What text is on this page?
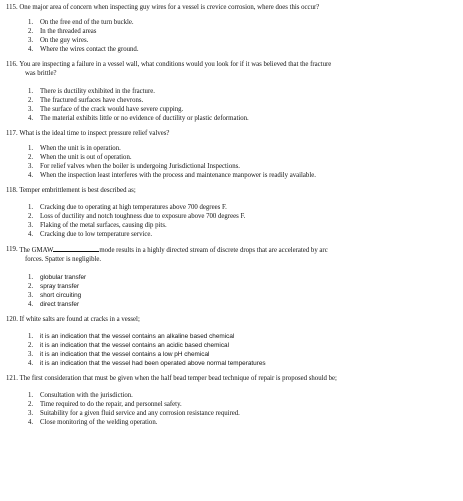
115.
One major area of concern when inspecting guy wires for a vessel is crevice corrosion, where does this occur?
1.	On the free end of the turn buckle.
2.	In the threaded areas
3.	On the guy wires.
4.	Where the wires contact the ground.
116.
You are inspecting a failure in a vessel wall, what conditions would you look for if it was believed that the fracture
was brittle?
1.	There is ductility exhibited in the fracture.
2.	The fractured surfaces have chevrons.
3.	The surface of the crack would have severe cupping.
4.	The material exhibits little or no evidence of ductility or plastic deformation.
117.
What is the ideal time to inspect pressure relief valves?
1.	When the unit is in operation.
2.	When the unit is out of operation.
3.	For relief valves when the boiler is undergoing Jurisdictional Inspections.
4.	When the inspection least interferes with the process and maintenance manpower is readily available.
118.
Temper embrittlement is best described as;
1.	Cracking due to operating at high temperatures above 700 degrees F.
2.	Loss of ductility and notch toughness due to exposure above 700 degrees F.
3.	Flaking of the metal surfaces, causing dip pits.
4.	Cracking due to low temperature service.
119.
The GMAW	mode results in a highly directed stream of discrete drops that are accelerated by arc
forces. Spatter is negligible.
1.	globular transfer
2.	spray transfer
3.	short circuiting
4.	direct transfer
120.
If white salts are found at cracks in a vessel;
1.	it is an indication that the vessel contains an alkaline based chemical
2.	it is an indication that the vessel contains an acidic based chemical
3.	it is an indication that the vessel contains a low pH chemical
4.	it is an indication that the vessel had been operated above normal temperatures
121.
The first consideration that must be given when the half bead temper bead technique of repair is proposed should be;
1.	Consultation with the jurisdiction.
2.	Time required to do the repair, and personnel safety.
3.	Suitability for a given fluid service and any corrosion resistance required.
4.	Close monitoring of the welding operation.
